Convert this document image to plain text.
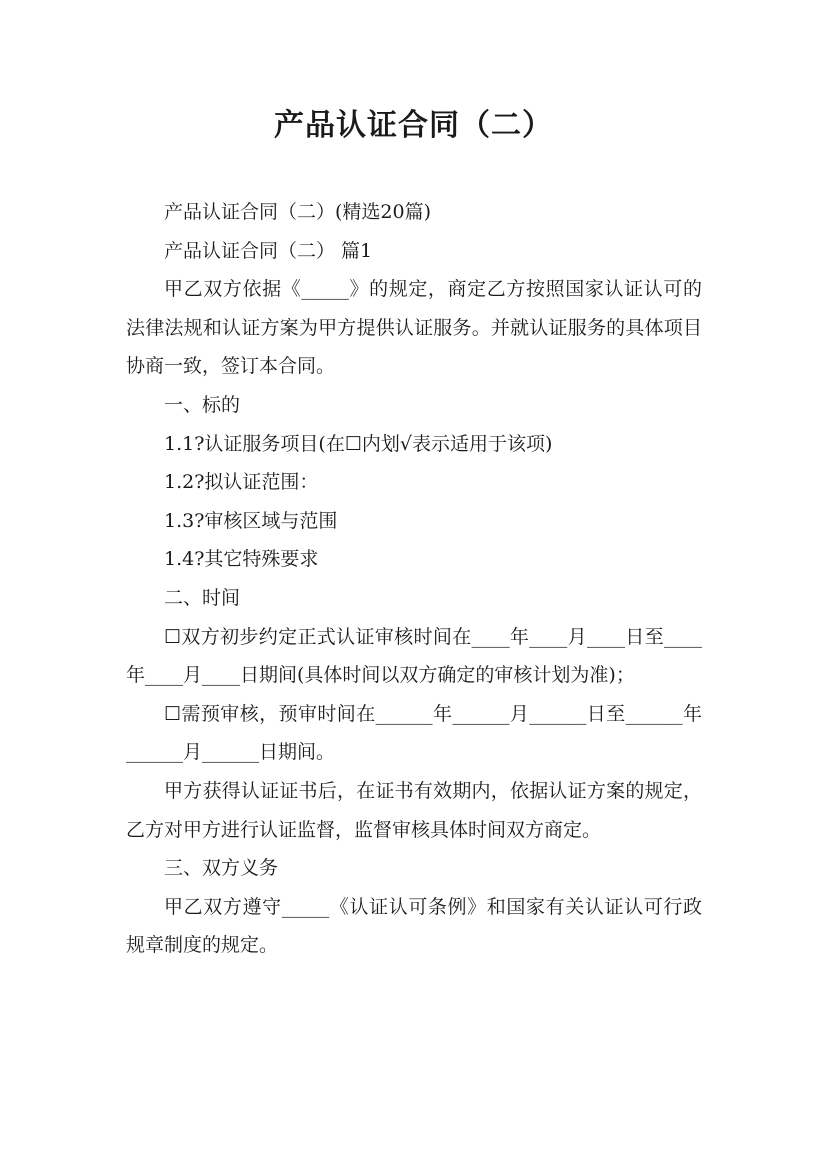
产品认证合同（二）

产品认证合同（二）(精选20篇)

产品认证合同（二） 篇1

甲乙双方依据《_____》的规定，商定乙方按照国家认证认可的法律法规和认证方案为甲方提供认证服务。并就认证服务的具体项目协商一致，签订本合同。

一、标的

1.1?认证服务项目(在☐内划√表示适用于该项)

1.2?拟认证范围：

1.3?审核区域与范围

1.4?其它特殊要求

二、时间

☐双方初步约定正式认证审核时间在____年____月____日至____年____月____日期间(具体时间以双方确定的审核计划为准)；

☐需预审核，预审时间在______年______月______日至______年______月______日期间。

甲方获得认证证书后，在证书有效期内，依据认证方案的规定，乙方对甲方进行认证监督，监督审核具体时间双方商定。

三、双方义务

甲乙双方遵守_____《认证认可条例》和国家有关认证认可行政规章制度的规定。
